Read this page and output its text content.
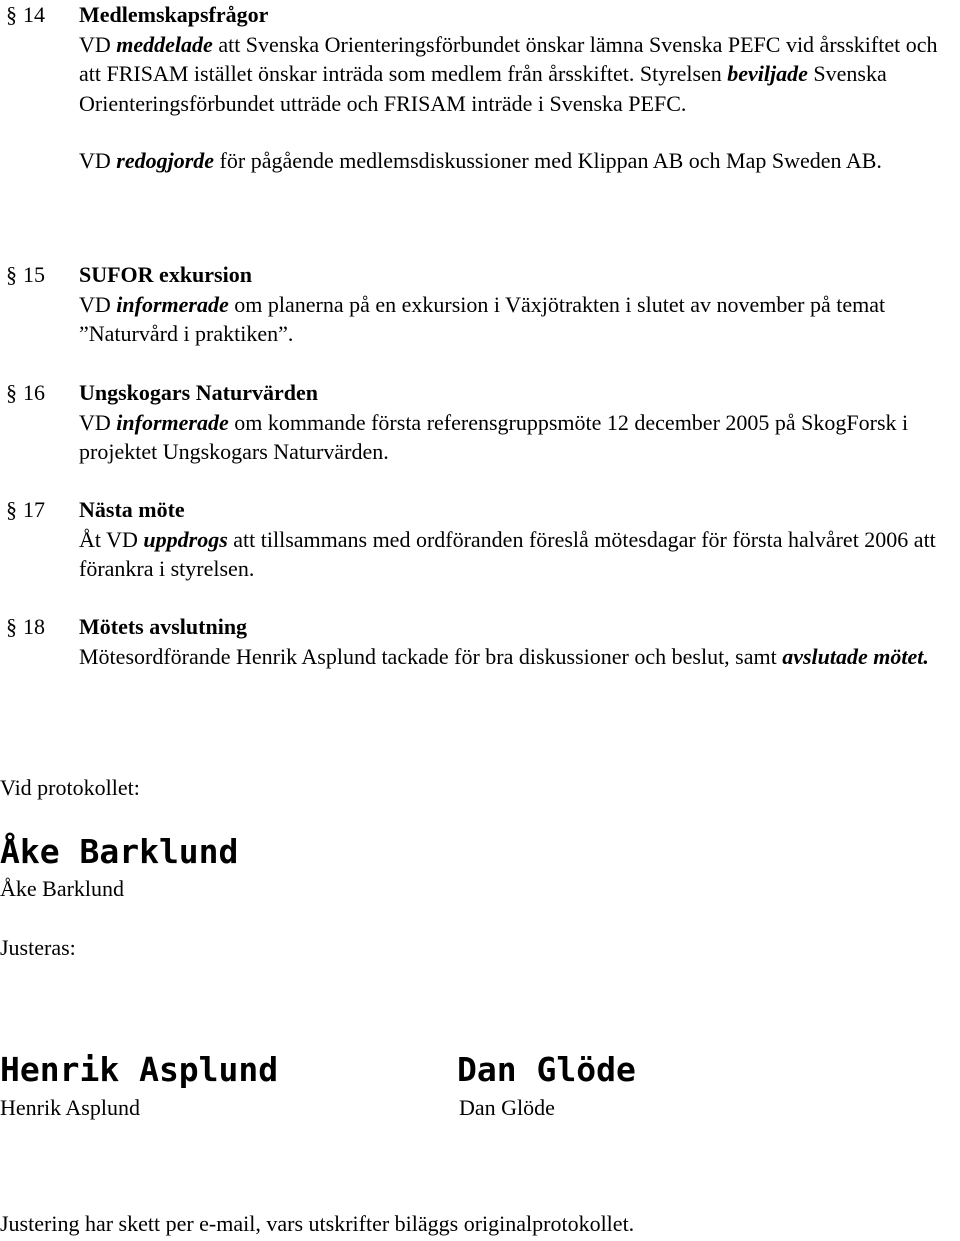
§ 14 Medlemskapsfrågor

VD meddelade att Svenska Orienteringsförbundet önskar lämna Svenska PEFC vid årsskiftet och att FRISAM istället önskar inträda som medlem från årsskiftet. Styrelsen beviljade Svenska Orienteringsförbundet utträde och FRISAM inträde i Svenska PEFC.

VD redogjorde för pågående medlemsdiskussioner med Klippan AB och Map Sweden AB.

§ 15 SUFOR exkursion

VD informerade om planerna på en exkursion i Växjötrakten i slutet av november på temat ”Naturvård i praktiken”.

§ 16 Ungskogars Naturvärden

VD informerade om kommande första referensgruppsmöte 12 december 2005 på SkogForsk i projektet Ungskogars Naturvärden.

§ 17 Nästa möte

Åt VD uppdrogs att tillsammans med ordföranden föreslå mötesdagar för första halvåret 2006 att förankra i styrelsen.

§ 18 Mötets avslutning

Mötesordförande Henrik Asplund tackade för bra diskussioner och beslut, samt avslutade mötet.

Vid protokollet:
Åke Barklund
Åke Barklund
Justeras:
Henrik Asplund
Henrik Asplund
Dan Glöde
Dan Glöde
Justering har skett per e-mail, vars utskrifter biläggs originalprotokollet.
